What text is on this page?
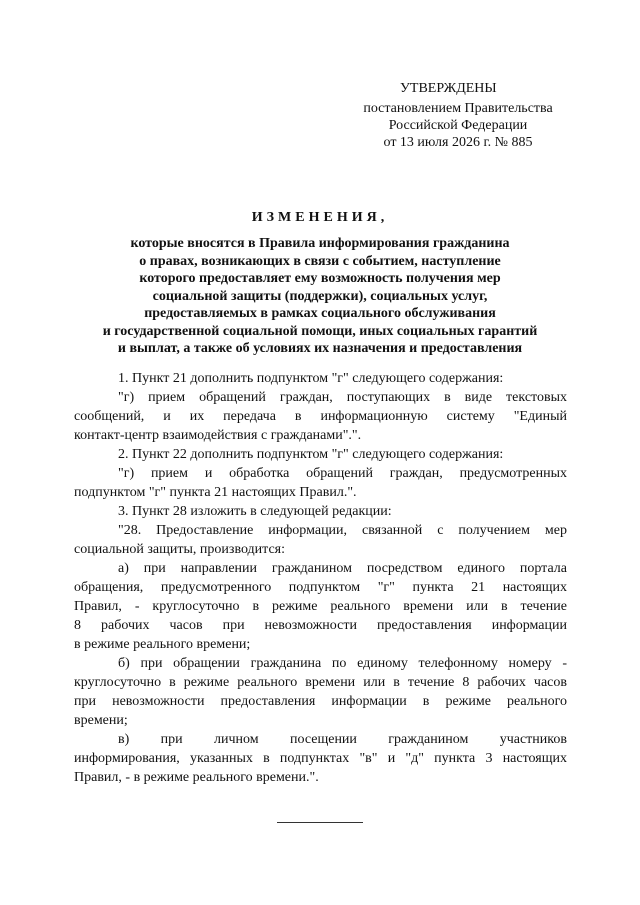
УТВЕРЖДЕНЫ
постановлением Правительства
Российской Федерации
от 13 июля 2026 г. № 885
ИЗМЕНЕНИЯ,
которые вносятся в Правила информирования гражданина
о правах, возникающих в связи с событием, наступление
которого предоставляет ему возможность получения мер
социальной защиты (поддержки), социальных услуг,
предоставляемых в рамках социального обслуживания
и государственной социальной помощи, иных социальных гарантий
и выплат, а также об условиях их назначения и предоставления
1. Пункт 21 дополнить подпунктом "г" следующего содержания:
"г) прием обращений граждан, поступающих в виде текстовых
сообщений, и их передача в информационную систему "Единый
контакт-центр взаимодействия с гражданами".".
2. Пункт 22 дополнить подпунктом "г" следующего содержания:
"г) прием и обработка обращений граждан, предусмотренных
подпунктом "г" пункта 21 настоящих Правил.".
3. Пункт 28 изложить в следующей редакции:
"28. Предоставление информации, связанной с получением мер
социальной защиты, производится:
а) при направлении гражданином посредством единого портала
обращения, предусмотренного подпунктом "г" пункта 21 настоящих
Правил, - круглосуточно в режиме реального времени или в течение
8 рабочих часов при невозможности предоставления информации
в режиме реального времени;
б) при обращении гражданина по единому телефонному номеру -
круглосуточно в режиме реального времени или в течение 8 рабочих часов
при невозможности предоставления информации в режиме реального
времени;
в) при личном посещении гражданином участников
информирования, указанных в подпунктах "в" и "д" пункта 3 настоящих
Правил, - в режиме реального времени.".
